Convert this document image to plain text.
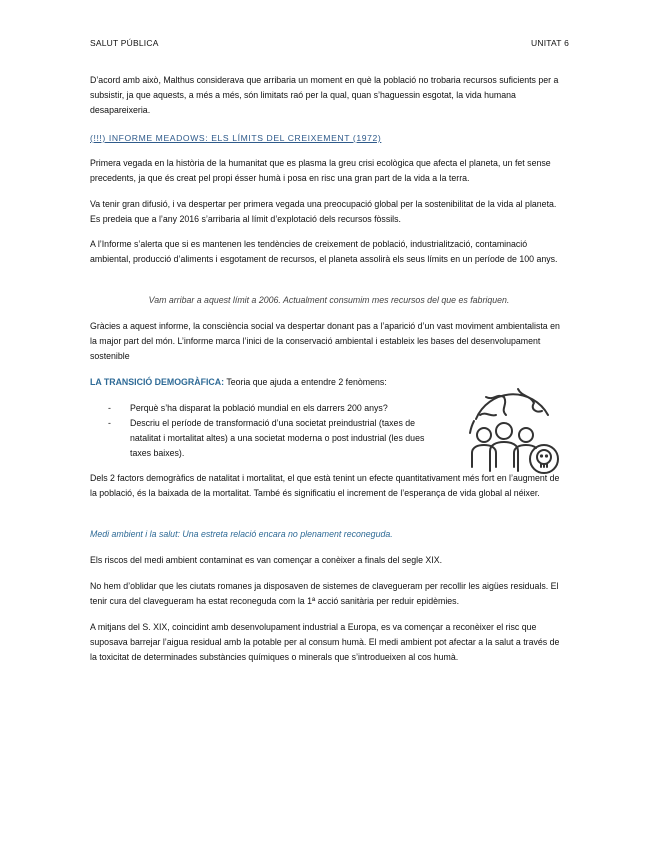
SALUT PÚBLICA	UNITAT 6

D’acord amb això, Malthus considerava que arribaria un moment en què la població no trobaria recursos suficients per a subsistir, ja que aquests, a més a més, són limitats raó per la qual, quan s’haguessin esgotat, la vida humana desapareixeria.

(!!!) INFORME MEADOWS: ELS LÍMITS DEL CREIXEMENT (1972)

Primera vegada en la història de la humanitat que es plasma la greu crisi ecològica que afecta el planeta, un fet sense precedents, ja que és creat pel propi ésser humà i posa en risc una gran part de la vida a la terra.

Va tenir gran difusió, i va despertar per primera vegada una preocupació global per la sostenibilitat de la vida al planeta. Es predeia que a l’any 2016 s’arribaria al límit d’explotació dels recursos fòssils.

A l’Informe s’alerta que si es mantenen les tendències de creixement de població, industrialització, contaminació ambiental, producció d’aliments i esgotament de recursos, el planeta assolirà els seus límits en un període de 100 anys.

Vam arribar a aquest límit a 2006. Actualment consumim mes recursos del que es fabriquen.

Gràcies a aquest informe, la consciència social va despertar donant pas a l’aparició d’un vast moviment ambientalista en la major part del món. L’informe marca l’inici de la conservació ambiental i estableix les bases del desenvolupament sostenible

LA TRANSICIÓ DEMOGRÀFICA: Teoria que ajuda a entendre 2 fenòmens:
- Perquè s’ha disparat la població mundial en els darrers 200 anys?
- Descriu el període de transformació d’una societat preindustrial (taxes de natalitat i mortalitat altes) a una societat moderna o post industrial (les dues taxes baixes).

Dels 2 factors demogràfics de natalitat i mortalitat, el que està tenint un efecte quantitativament més fort en l’augment de la població, és la baixada de la mortalitat. També és significatiu el increment de l’esperança de vida global al néixer.

Medi ambient i la salut: Una estreta relació encara no plenament reconeguda.

Els riscos del medi ambient contaminat es van començar a conèixer a finals del segle XIX.

No hem d’oblidar que les ciutats romanes ja disposaven de sistemes de clavegueram per recollir les aigües residuals. El tenir cura del clavegueram ha estat reconeguda com la 1ª acció sanitària per reduir epidèmies.

A mitjans del S. XIX, coincidint amb desenvolupament industrial a Europa, es va començar a reconèixer el risc que suposava barrejar l’aigua residual amb la potable per al consum humà. El medi ambient pot afectar a la salut a través de la toxicitat de determinades substàncies químiques o minerals que s’introdueixen al cos humà.
